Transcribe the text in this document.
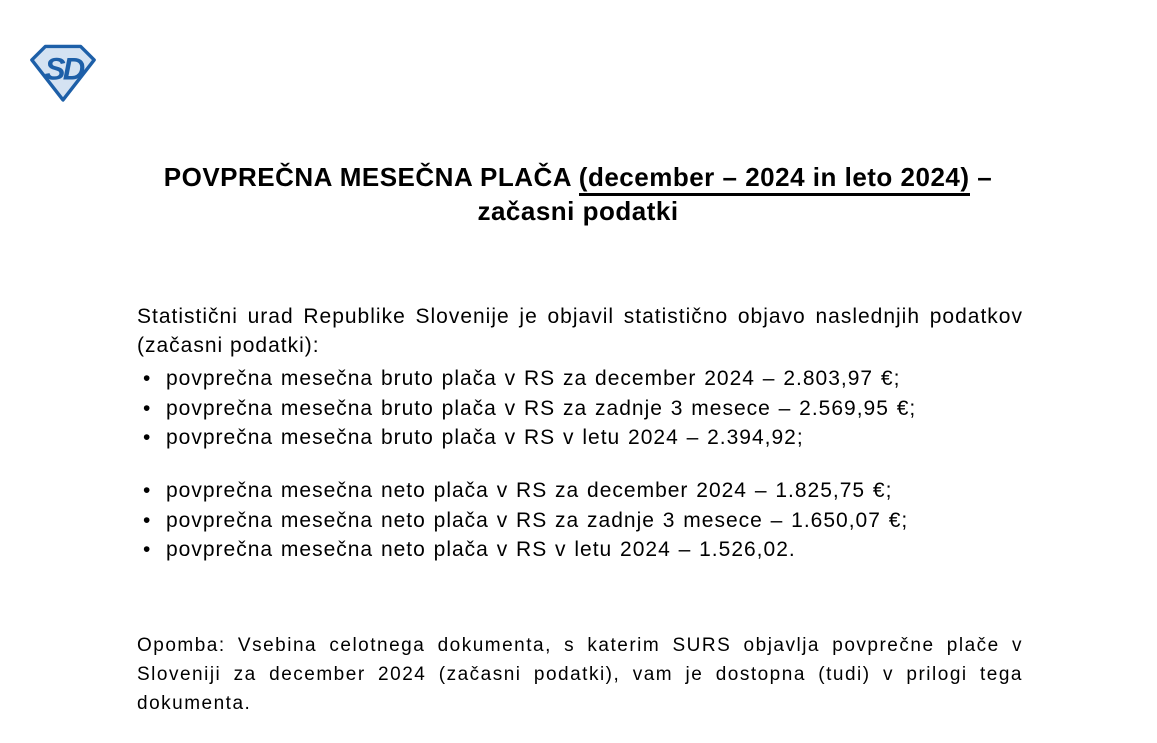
SD
POVPREČNA MESEČNA PLAČA (december – 2024 in leto 2024) –
začasni podatki

Statistični urad Republike Slovenije je objavil statistično objavo naslednjih podatkov (začasni podatki):

• povprečna mesečna bruto plača v RS za december 2024 – 2.803,97 €;
• povprečna mesečna bruto plača v RS za zadnje 3 mesece – 2.569,95 €;
• povprečna mesečna bruto plača v RS v letu 2024 – 2.394,92;
• povprečna mesečna neto plača v RS za december 2024 – 1.825,75 €;
• povprečna mesečna neto plača v RS za zadnje 3 mesece – 1.650,07 €;
• povprečna mesečna neto plača v RS v letu 2024 – 1.526,02.

Opomba: Vsebina celotnega dokumenta, s katerim SURS objavlja povprečne plače v Sloveniji za december 2024 (začasni podatki), vam je dostopna (tudi) v prilogi tega dokumenta.
